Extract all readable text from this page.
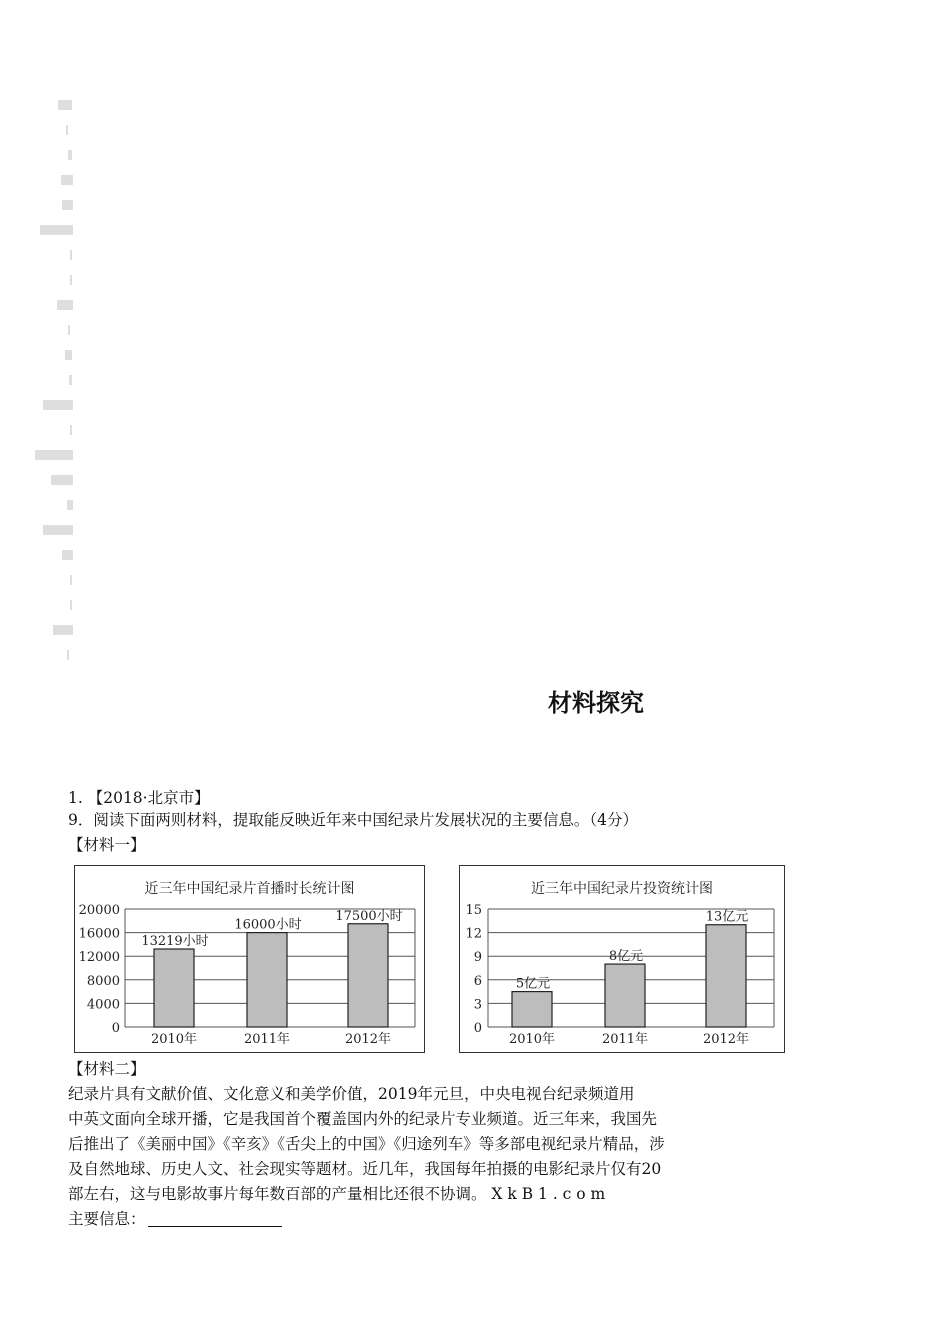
材料探究
1. 【2018·北京市】
9．阅读下面两则材料，提取能反映近年来中国纪录片发展状况的主要信息。（4分）
【材料一】
近三年中国纪录片首播时长统计图
0
4000
8000
12000
16000
20000
13219小时
2010年
16000小时
2011年
17500小时
2012年
近三年中国纪录片投资统计图
0
3
6
9
12
15
5亿元
2010年
8亿元
2011年
13亿元
2012年
【材料二】
纪录片具有文献价值、文化意义和美学价值，2019年元旦，中央电视台纪录频道用
中英文面向全球开播，它是我国首个覆盖国内外的纪录片专业频道。近三年来，我国先
后推出了《美丽中国》《辛亥》《舌尖上的中国》《归途列车》等多部电视纪录片精品，涉
及自然地球、历史人文、社会现实等题材。近几年，我国每年拍摄的电影纪录片仅有20
部左右，这与电影故事片每年数百部的产量相比还很不协调。 X k B 1 . c o m
主要信息：
